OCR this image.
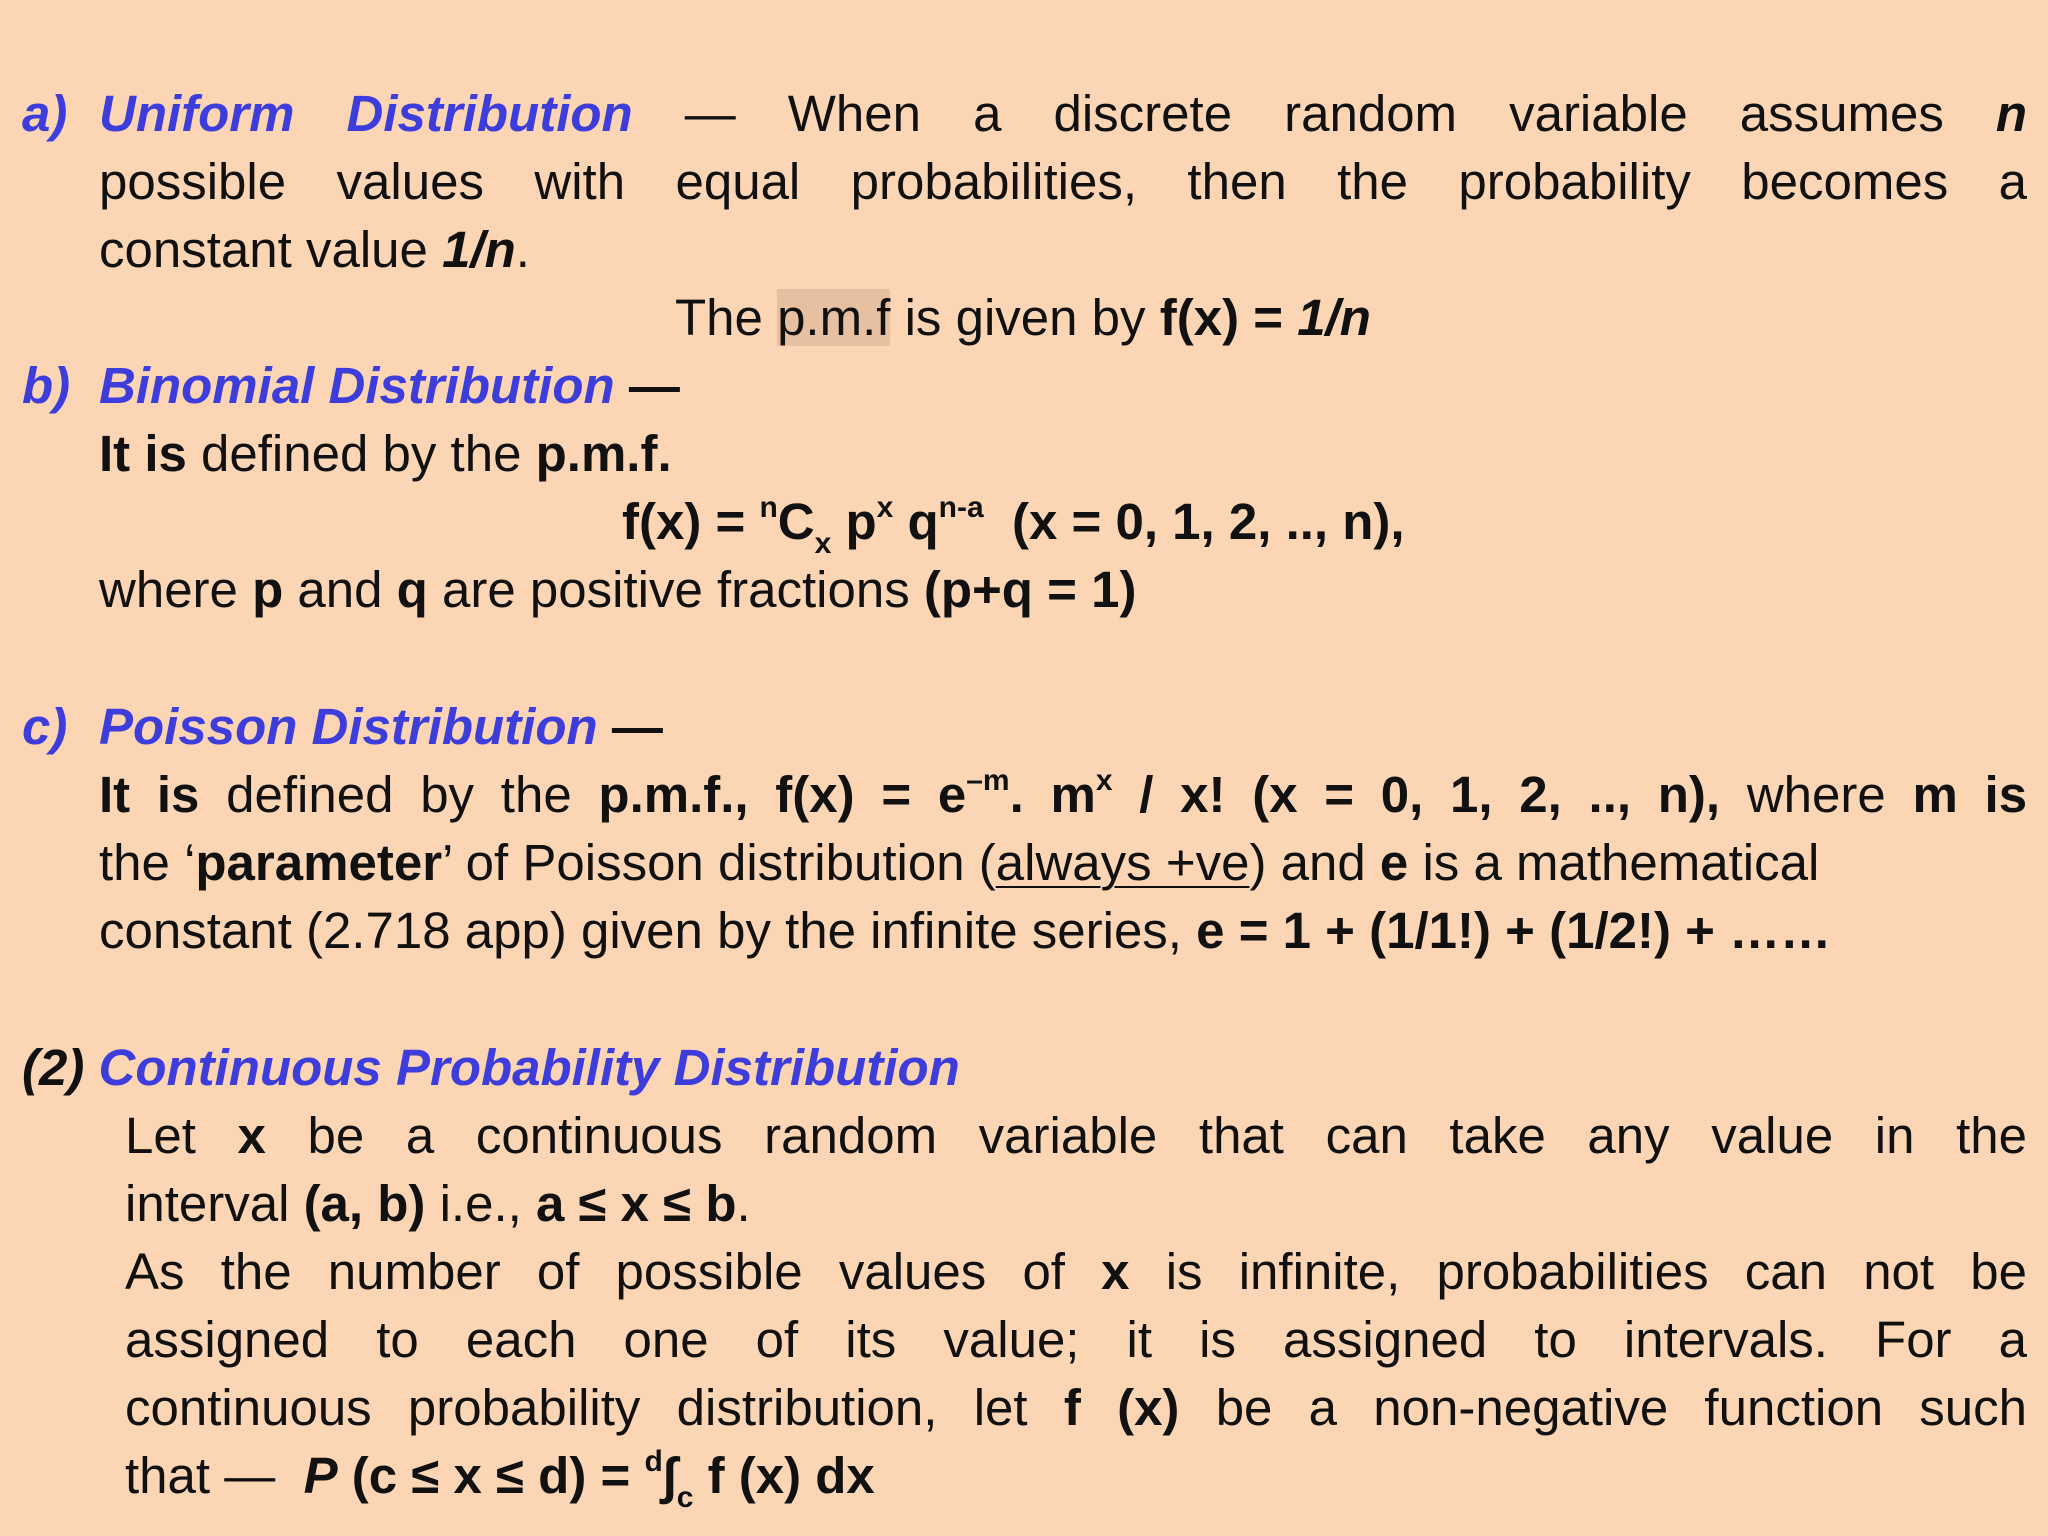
a) Uniform Distribution — When a discrete random variable assumes n
possible values with equal probabilities, then the probability becomes a
constant value 1/n.
The p.m.f is given by f(x) = 1/n
b) Binomial Distribution —
It is defined by the p.m.f.
$f(x) = ^nC_x$ $p^x$ $q^{n-a}$ (x = 0, 1, 2, .., n),
where p and q are positive fractions (p+q = 1)
c) Poisson Distribution —
It is defined by the p.m.f., $f(x) = e^{-m}$. $m^x$ / x! (x = 0, 1, 2, .., n), where m is
the ‘parameter’ of Poisson distribution (always +ve) and e is a mathematical
constant (2.718 app) given by the infinite series, e = 1 + (1/1!) + (1/2!) + ……
(2) Continuous Probability Distribution
Let x be a continuous random variable that can take any value in the
interval (a, b) i.e., a ≤ x ≤ b.
As the number of possible values of x is infinite, probabilities can not be
assigned to each one of its value; it is assigned to intervals. For a
continuous probability distribution, let f (x) be a non-negative function such
that — P $(c \le x \le d) = ^d\int_c$ f (x) dx
